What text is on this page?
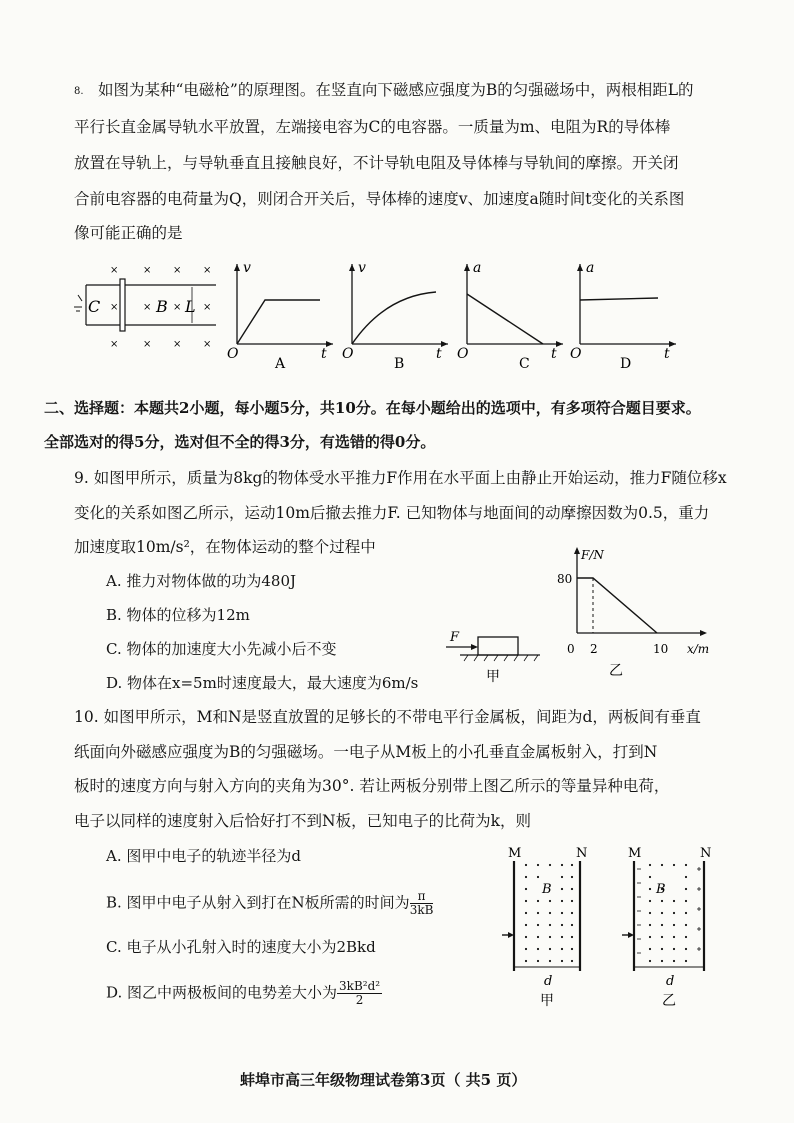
8. 如图为某种“电磁枪”的原理图。在竖直向下磁感应强度为B的匀强磁场中，两根相距L的
平行长直金属导轨水平放置，左端接电容为C的电容器。一质量为m、电阻为R的导体棒
放置在导轨上，与导轨垂直且接触良好，不计导轨电阻及导体棒与导轨间的摩擦。开关闭
合前电容器的电荷量为Q，则闭合开关后，导体棒的速度v、加速度a随时间t变化的关系图
像可能正确的是
C	B L
× × × ×
× × × ×
× × × ×
v
t
O
A
v
t
O
B
a
t
O
C
a
t
O
D
二、选择题：本题共2小题，每小题5分，共10分。在每小题给出的选项中，有多项符合题目要求。
全部选对的得5分，选对但不全的得3分，有选错的得0分。
9. 如图甲所示，质量为8kg的物体受水平推力F作用在水平面上由静止开始运动，推力F随位移x
变化的关系如图乙所示，运动10m后撤去推力F. 已知物体与地面间的动摩擦因数为0.5，重力
加速度取10m/s²，在物体运动的整个过程中
A. 推力对物体做的功为480J
B. 物体的位移为12m
C. 物体的加速度大小先减小后不变
D. 物体在x=5m时速度最大，最大速度为6m/s
F
甲
F/N
80
0 2	10 x/m
乙
10. 如图甲所示，M和N是竖直放置的足够长的不带电平行金属板，间距为d，两板间有垂直
纸面向外磁感应强度为B的匀强磁场。一电子从M板上的小孔垂直金属板射入，打到N
板时的速度方向与射入方向的夹角为30°. 若让两板分别带上图乙所示的等量异种电荷，
电子以同样的速度射入后恰好打不到N板，已知电子的比荷为k，则
A. 图甲中电子的轨迹半径为d
B. 图甲中电子从射入到打在N板所需的时间为 $\frac{\pi}{3kB}$
C. 电子从小孔射入时的速度大小为2Bkd
D. 图乙中两极板间的电势差大小为 $\frac{\text{3kB²d²}}{2}$
M	N
B
d
甲
M	N
B
d
乙
蚌埠市高三年级物理试卷第3页（ 共5 页）
